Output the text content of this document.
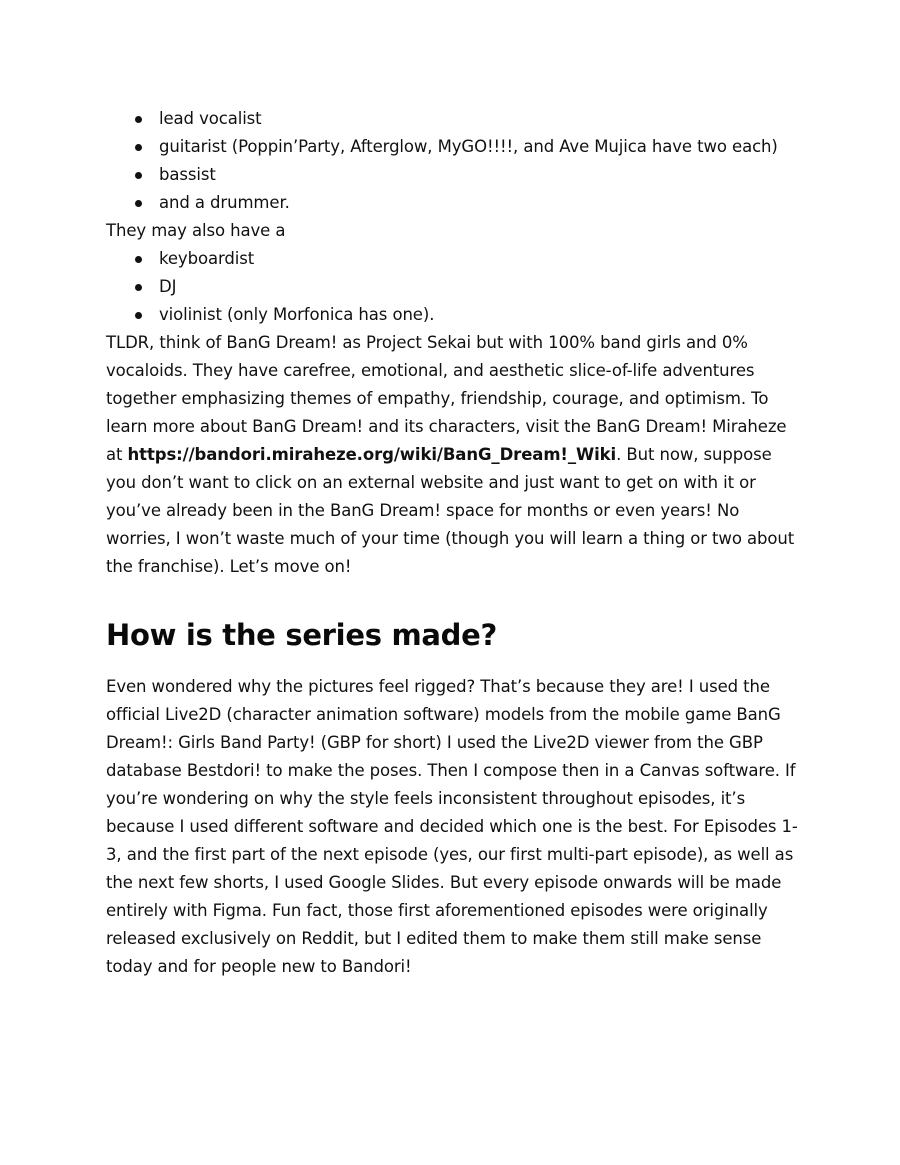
lead vocalist
guitarist (Poppin’Party, Afterglow, MyGO!!!!, and Ave Mujica have two each)
bassist
and a drummer.

They may also have a

keyboardist
DJ
violinist (only Morfonica has one).

TLDR, think of BanG Dream! as Project Sekai but with 100% band girls and 0% vocaloids. They have carefree, emotional, and aesthetic slice-of-life adventures together emphasizing themes of empathy, friendship, courage, and optimism. To learn more about BanG Dream! and its characters, visit the BanG Dream! Miraheze at https://bandori.miraheze.org/wiki/BanG_Dream!_Wiki. But now, suppose you don’t want to click on an external website and just want to get on with it or you’ve already been in the BanG Dream! space for months or even years! No worries, I won’t waste much of your time (though you will learn a thing or two about the franchise). Let’s move on!

How is the series made?

Even wondered why the pictures feel rigged? That’s because they are! I used the official Live2D (character animation software) models from the mobile game BanG Dream!: Girls Band Party! (GBP for short) I used the Live2D viewer from the GBP database Bestdori! to make the poses. Then I compose then in a Canvas software. If you’re wondering on why the style feels inconsistent throughout episodes, it’s because I used different software and decided which one is the best. For Episodes 1-3, and the first part of the next episode (yes, our first multi-part episode), as well as the next few shorts, I used Google Slides. But every episode onwards will be made entirely with Figma. Fun fact, those first aforementioned episodes were originally released exclusively on Reddit, but I edited them to make them still make sense today and for people new to Bandori!
